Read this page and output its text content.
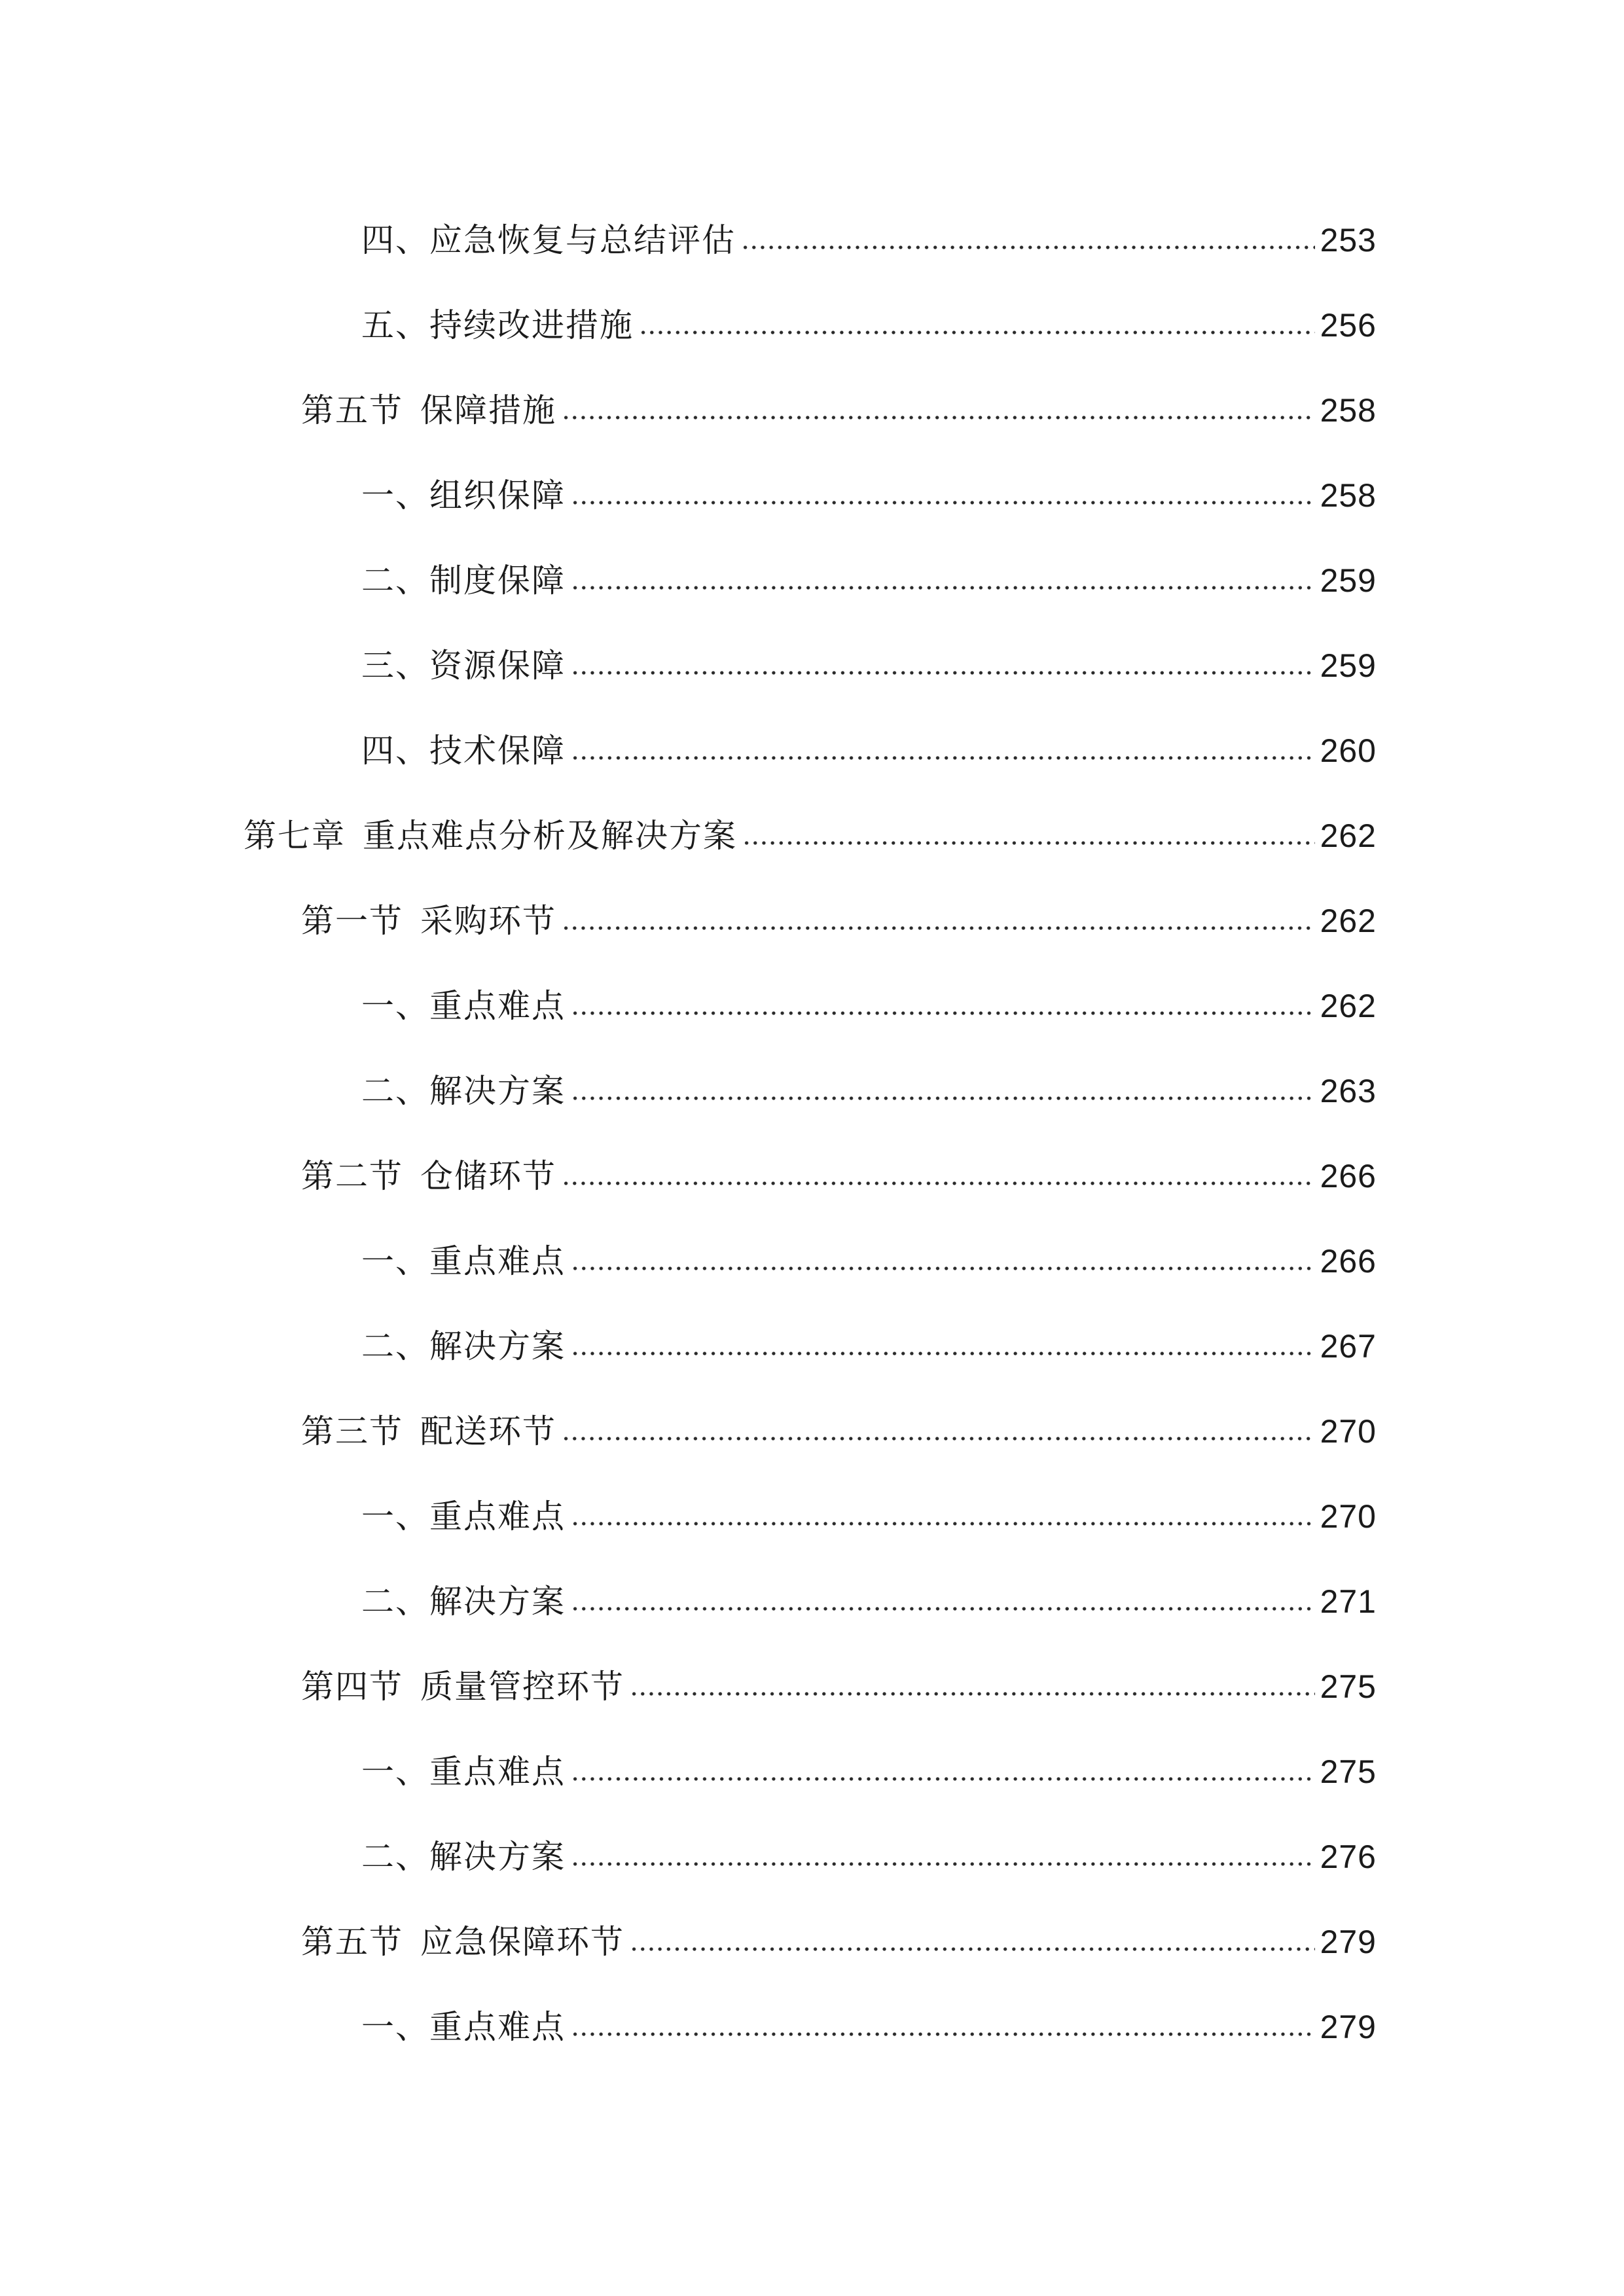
四、应急恢复与总结评估	253
五、持续改进措施	256
第五节 保障措施	258
一、组织保障	258
二、制度保障	259
三、资源保障	259
四、技术保障	260
第七章 重点难点分析及解决方案	262
第一节 采购环节	262
一、重点难点	262
二、解决方案	263
第二节 仓储环节	266
一、重点难点	266
二、解决方案	267
第三节 配送环节	270
一、重点难点	270
二、解决方案	271
第四节 质量管控环节	275
一、重点难点	275
二、解决方案	276
第五节 应急保障环节	279
一、重点难点	279
